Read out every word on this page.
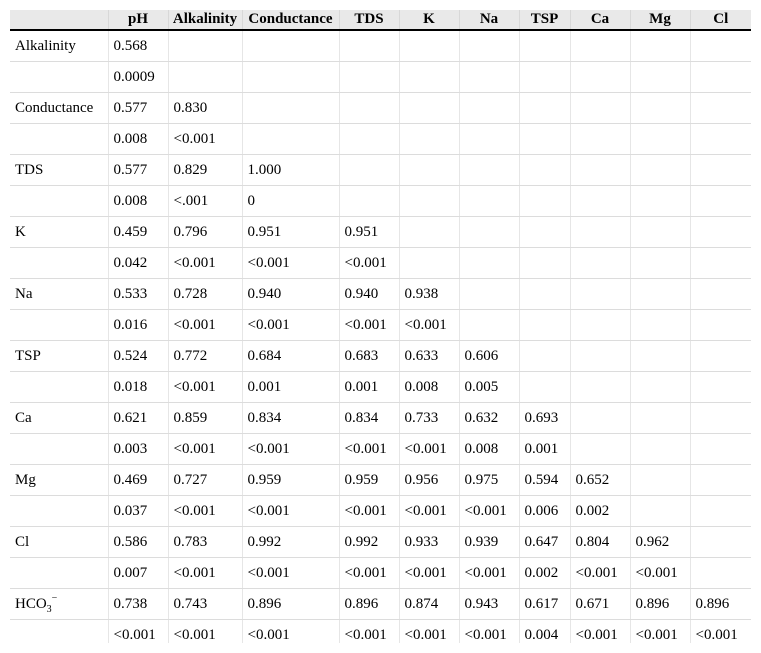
	pH	Alkalinity	Conductance	TDS	K	Na	TSP	Ca	Mg	Cl
Alkalinity	0.568									
	0.0009									
Conductance	0.577	0.830								
	0.008	<0.001								
TDS	0.577	0.829	1.000							
	0.008	<.001	0							
K	0.459	0.796	0.951	0.951						
	0.042	<0.001	<0.001	<0.001						
Na	0.533	0.728	0.940	0.940	0.938					
	0.016	<0.001	<0.001	<0.001	<0.001					
TSP	0.524	0.772	0.684	0.683	0.633	0.606				
	0.018	<0.001	0.001	0.001	0.008	0.005				
Ca	0.621	0.859	0.834	0.834	0.733	0.632	0.693			
	0.003	<0.001	<0.001	<0.001	<0.001	0.008	0.001			
Mg	0.469	0.727	0.959	0.959	0.956	0.975	0.594	0.652		
	0.037	<0.001	<0.001	<0.001	<0.001	<0.001	0.006	0.002		
Cl	0.586	0.783	0.992	0.992	0.933	0.939	0.647	0.804	0.962	
	0.007	<0.001	<0.001	<0.001	<0.001	<0.001	0.002	<0.001	<0.001	
$HCO_3^-$	0.738	0.743	0.896	0.896	0.874	0.943	0.617	0.671	0.896	0.896
	<0.001	<0.001	<0.001	<0.001	<0.001	<0.001	0.004	<0.001	<0.001	<0.001
